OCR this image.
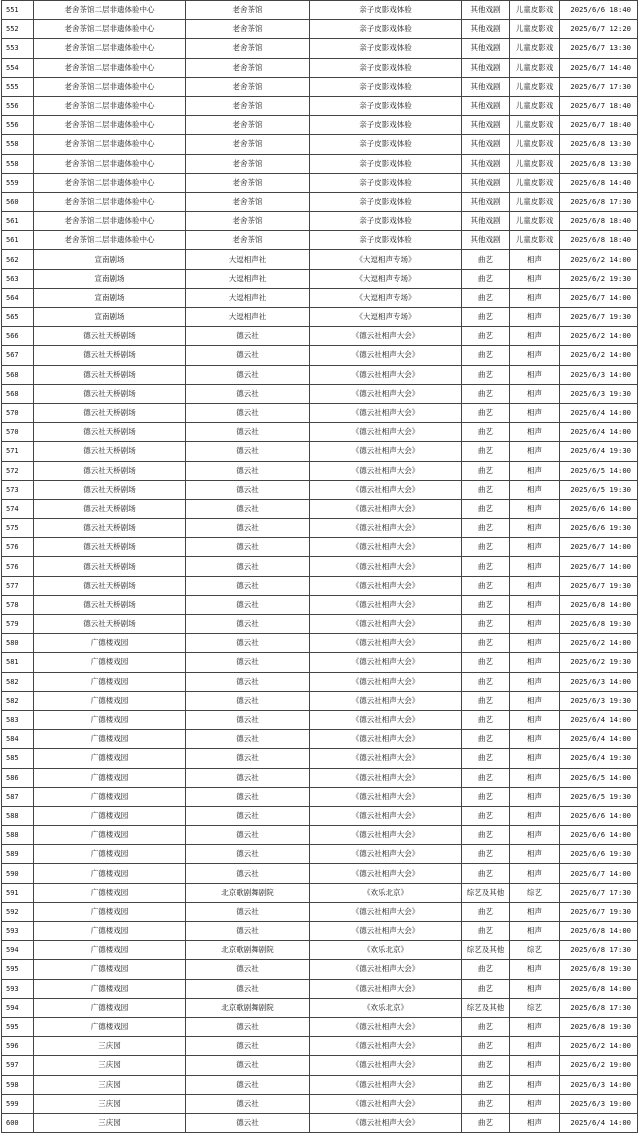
551	老舍茶馆二层非遗体验中心	老舍茶馆	亲子皮影戏体验	其他戏剧	儿童皮影戏	2025/6/6 18:40
552	老舍茶馆二层非遗体验中心	老舍茶馆	亲子皮影戏体验	其他戏剧	儿童皮影戏	2025/6/7 12:20
553	老舍茶馆二层非遗体验中心	老舍茶馆	亲子皮影戏体验	其他戏剧	儿童皮影戏	2025/6/7 13:30
554	老舍茶馆二层非遗体验中心	老舍茶馆	亲子皮影戏体验	其他戏剧	儿童皮影戏	2025/6/7 14:40
555	老舍茶馆二层非遗体验中心	老舍茶馆	亲子皮影戏体验	其他戏剧	儿童皮影戏	2025/6/7 17:30
556	老舍茶馆二层非遗体验中心	老舍茶馆	亲子皮影戏体验	其他戏剧	儿童皮影戏	2025/6/7 18:40
556	老舍茶馆二层非遗体验中心	老舍茶馆	亲子皮影戏体验	其他戏剧	儿童皮影戏	2025/6/7 18:40
558	老舍茶馆二层非遗体验中心	老舍茶馆	亲子皮影戏体验	其他戏剧	儿童皮影戏	2025/6/8 13:30
558	老舍茶馆二层非遗体验中心	老舍茶馆	亲子皮影戏体验	其他戏剧	儿童皮影戏	2025/6/8 13:30
559	老舍茶馆二层非遗体验中心	老舍茶馆	亲子皮影戏体验	其他戏剧	儿童皮影戏	2025/6/8 14:40
560	老舍茶馆二层非遗体验中心	老舍茶馆	亲子皮影戏体验	其他戏剧	儿童皮影戏	2025/6/8 17:30
561	老舍茶馆二层非遗体验中心	老舍茶馆	亲子皮影戏体验	其他戏剧	儿童皮影戏	2025/6/8 18:40
561	老舍茶馆二层非遗体验中心	老舍茶馆	亲子皮影戏体验	其他戏剧	儿童皮影戏	2025/6/8 18:40
562	宣南剧场	大逗相声社	《大逗相声专场》	曲艺	相声	2025/6/2 14:00
563	宣南剧场	大逗相声社	《大逗相声专场》	曲艺	相声	2025/6/2 19:30
564	宣南剧场	大逗相声社	《大逗相声专场》	曲艺	相声	2025/6/7 14:00
565	宣南剧场	大逗相声社	《大逗相声专场》	曲艺	相声	2025/6/7 19:30
566	德云社天桥剧场	德云社	《德云社相声大会》	曲艺	相声	2025/6/2 14:00
567	德云社天桥剧场	德云社	《德云社相声大会》	曲艺	相声	2025/6/2 14:00
568	德云社天桥剧场	德云社	《德云社相声大会》	曲艺	相声	2025/6/3 14:00
568	德云社天桥剧场	德云社	《德云社相声大会》	曲艺	相声	2025/6/3 19:30
570	德云社天桥剧场	德云社	《德云社相声大会》	曲艺	相声	2025/6/4 14:00
570	德云社天桥剧场	德云社	《德云社相声大会》	曲艺	相声	2025/6/4 14:00
571	德云社天桥剧场	德云社	《德云社相声大会》	曲艺	相声	2025/6/4 19:30
572	德云社天桥剧场	德云社	《德云社相声大会》	曲艺	相声	2025/6/5 14:00
573	德云社天桥剧场	德云社	《德云社相声大会》	曲艺	相声	2025/6/5 19:30
574	德云社天桥剧场	德云社	《德云社相声大会》	曲艺	相声	2025/6/6 14:00
575	德云社天桥剧场	德云社	《德云社相声大会》	曲艺	相声	2025/6/6 19:30
576	德云社天桥剧场	德云社	《德云社相声大会》	曲艺	相声	2025/6/7 14:00
576	德云社天桥剧场	德云社	《德云社相声大会》	曲艺	相声	2025/6/7 14:00
577	德云社天桥剧场	德云社	《德云社相声大会》	曲艺	相声	2025/6/7 19:30
578	德云社天桥剧场	德云社	《德云社相声大会》	曲艺	相声	2025/6/8 14:00
579	德云社天桥剧场	德云社	《德云社相声大会》	曲艺	相声	2025/6/8 19:30
580	广德楼戏园	德云社	《德云社相声大会》	曲艺	相声	2025/6/2 14:00
581	广德楼戏园	德云社	《德云社相声大会》	曲艺	相声	2025/6/2 19:30
582	广德楼戏园	德云社	《德云社相声大会》	曲艺	相声	2025/6/3 14:00
582	广德楼戏园	德云社	《德云社相声大会》	曲艺	相声	2025/6/3 19:30
583	广德楼戏园	德云社	《德云社相声大会》	曲艺	相声	2025/6/4 14:00
584	广德楼戏园	德云社	《德云社相声大会》	曲艺	相声	2025/6/4 14:00
585	广德楼戏园	德云社	《德云社相声大会》	曲艺	相声	2025/6/4 19:30
586	广德楼戏园	德云社	《德云社相声大会》	曲艺	相声	2025/6/5 14:00
587	广德楼戏园	德云社	《德云社相声大会》	曲艺	相声	2025/6/5 19:30
588	广德楼戏园	德云社	《德云社相声大会》	曲艺	相声	2025/6/6 14:00
588	广德楼戏园	德云社	《德云社相声大会》	曲艺	相声	2025/6/6 14:00
589	广德楼戏园	德云社	《德云社相声大会》	曲艺	相声	2025/6/6 19:30
590	广德楼戏园	德云社	《德云社相声大会》	曲艺	相声	2025/6/7 14:00
591	广德楼戏园	北京歌剧舞剧院	《欢乐北京》	综艺及其他	综艺	2025/6/7 17:30
592	广德楼戏园	德云社	《德云社相声大会》	曲艺	相声	2025/6/7 19:30
593	广德楼戏园	德云社	《德云社相声大会》	曲艺	相声	2025/6/8 14:00
594	广德楼戏园	北京歌剧舞剧院	《欢乐北京》	综艺及其他	综艺	2025/6/8 17:30
595	广德楼戏园	德云社	《德云社相声大会》	曲艺	相声	2025/6/8 19:30
593	广德楼戏园	德云社	《德云社相声大会》	曲艺	相声	2025/6/8 14:00
594	广德楼戏园	北京歌剧舞剧院	《欢乐北京》	综艺及其他	综艺	2025/6/8 17:30
595	广德楼戏园	德云社	《德云社相声大会》	曲艺	相声	2025/6/8 19:30
596	三庆园	德云社	《德云社相声大会》	曲艺	相声	2025/6/2 14:00
597	三庆园	德云社	《德云社相声大会》	曲艺	相声	2025/6/2 19:00
598	三庆园	德云社	《德云社相声大会》	曲艺	相声	2025/6/3 14:00
599	三庆园	德云社	《德云社相声大会》	曲艺	相声	2025/6/3 19:00
600	三庆园	德云社	《德云社相声大会》	曲艺	相声	2025/6/4 14:00
